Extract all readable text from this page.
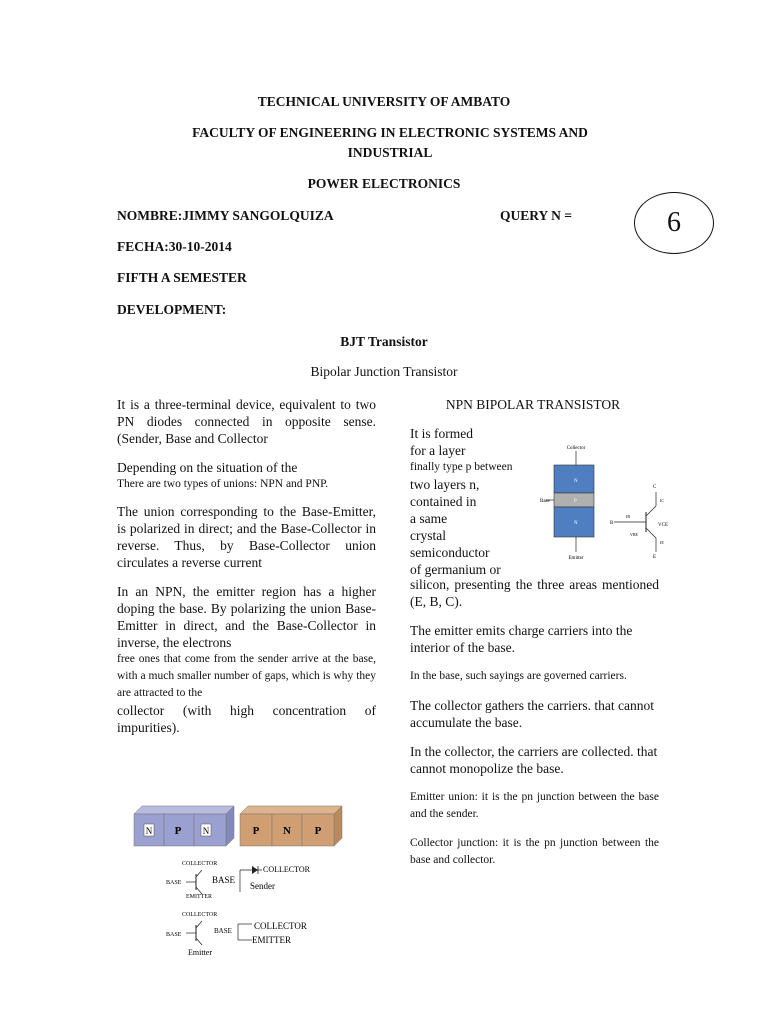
TECHNICAL UNIVERSITY OF AMBATO
FACULTY OF ENGINEERING IN ELECTRONIC SYSTEMS AND
INDUSTRIAL
POWER ELECTRONICS
NOMBRE:JIMMY SANGOLQUIZA	QUERY N =	6
FECHA:30-10-2014
FIFTH A SEMESTER
DEVELOPMENT:
BJT Transistor
Bipolar Junction Transistor

It is a three-terminal device, equivalent to two PN diodes connected in opposite sense. (Sender, Base and Collector

Depending on the situation of the

There are two types of unions: NPN and PNP.

The union corresponding to the Base-Emitter, is polarized in direct; and the Base-Collector in reverse. Thus, by Base-Collector union circulates a reverse current

In an NPN, the emitter region has a higher doping the base. By polarizing the union Base-Emitter in direct, and the Base-Collector in inverse, the electrons

free ones that come from the sender arrive at the base, with a much smaller number of gaps, which is why they are attracted to the

collector (with high concentration of impurities).

NPN BIPOLAR TRANSISTOR

It is formed

for a layer

finally type p between

two layers n,

contained in

a same

crystal

semiconductor

of germanium or

silicon, presenting the three areas mentioned (E, B, C).

The emitter emits charge carriers into the interior of the base.

In the base, such sayings are governed carriers.

The collector gathers the carriers. that cannot accumulate the base.

In the collector, the carriers are collected. that cannot monopolize the base.

Emitter union: it is the pn junction between the base and the sender.

Collector junction: it is the pn junction between the base and collector.

Collector
N
P
N
Base
Emitter
C
B
E
IC
IE
IB
VCE
VBE
N P N	P N P
COLLECTOR
BASE
EMITTER
BASE
COLLECTOR
Sender
COLLECTOR
BASE	BASE COLLECTOR
EMITTER
Emitter
